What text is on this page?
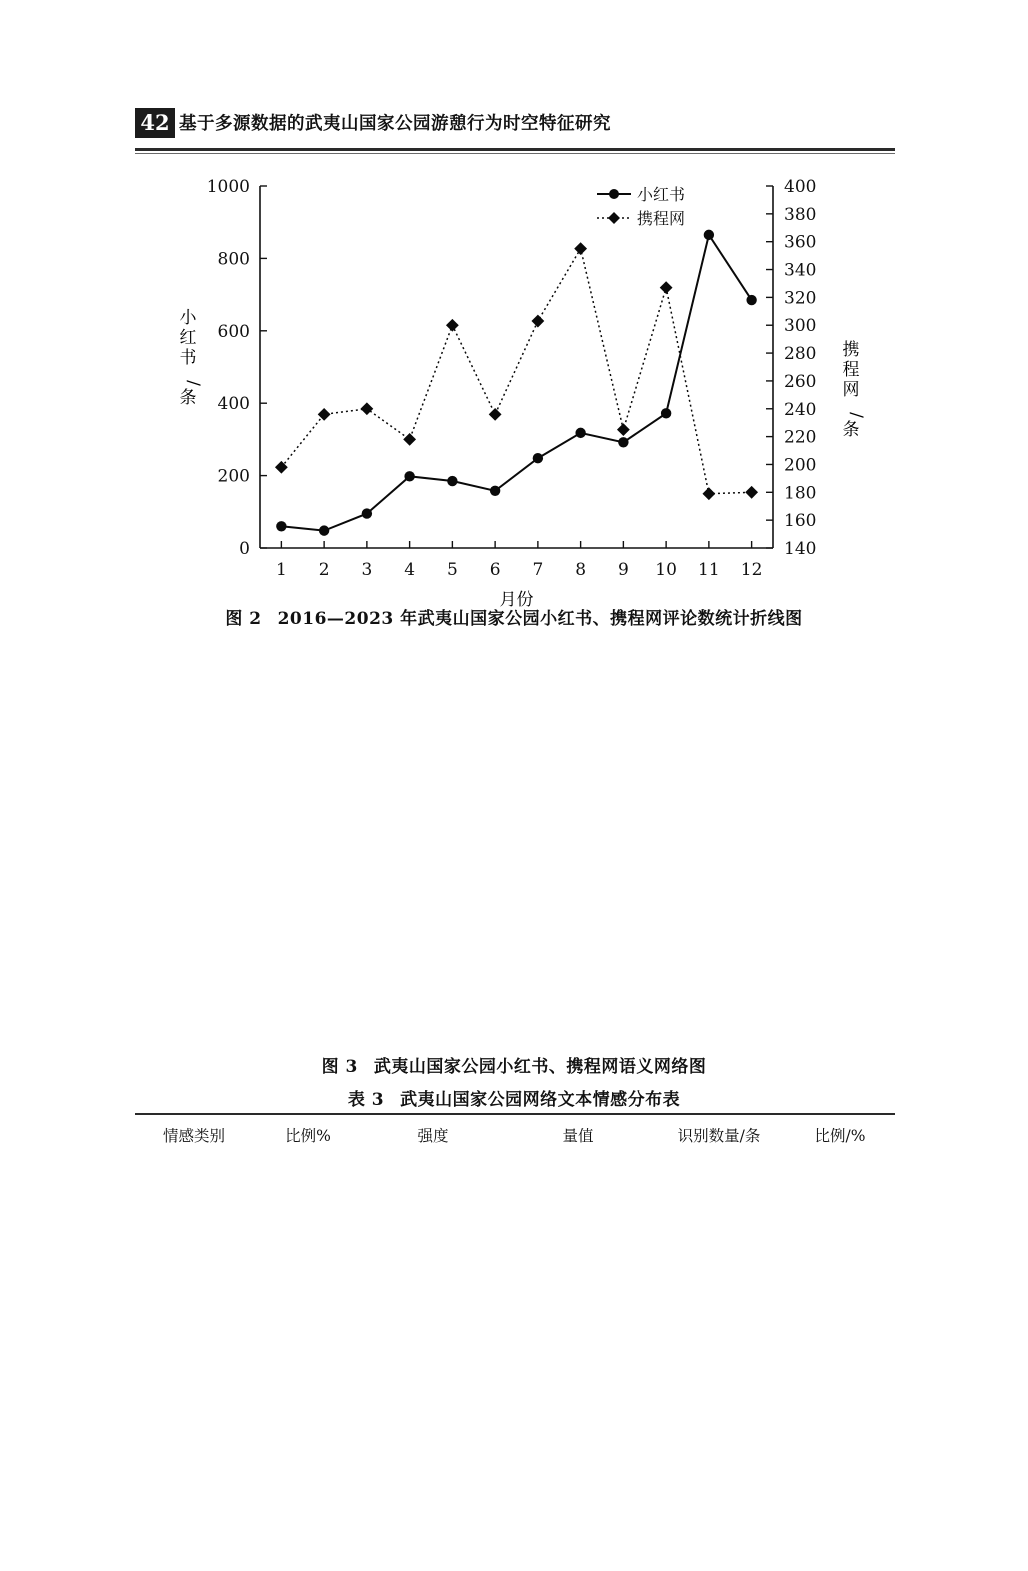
42 基于多源数据的武夷山国家公园游憩行为时空特征研究
0
200
400
600
800
1000
140
160
180
200
220
240
260
280
300
320
340
360
380
400
1 2 3 4 5 6 7 8 9 10 11 12
月份
小
红
书
/
条
携
程
网
/
条
小红书
携程网
图 2 2016—2023 年武夷山国家公园小红书、携程网评论数统计折线图
图 3 武夷山国家公园小红书、携程网语义网络图
表 3 武夷山国家公园网络文本情感分布表
情感类别	比例%	强度	量值	识别数量/条	比例/%
